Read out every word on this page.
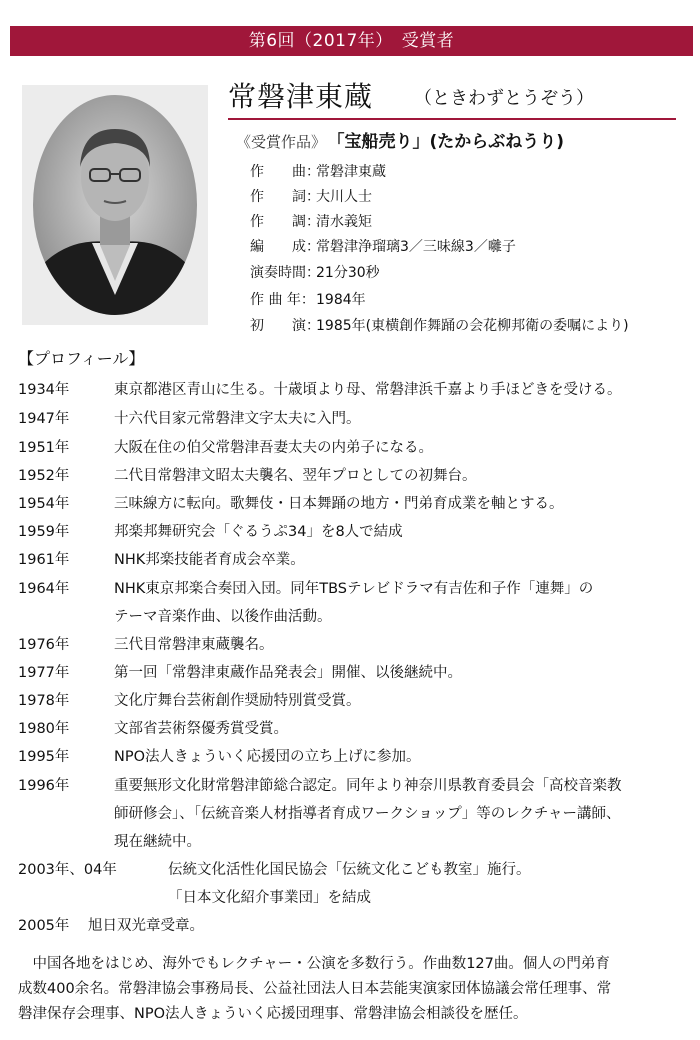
第6回（2017年）　受賞者
常磐津東蔵 （ときわずとうぞう）
《受賞作品》 「宝船売り」(たからぶねうり)
作　　曲：常磐津東蔵
作　　詞：大川人士
作　　調：清水義矩
編　　成：常磐津浄瑠璃3／三味線3／囃子
演奏時間：21分30秒
作 曲 年：1984年
初　　演：1985年(東横創作舞踊の会花柳邦衛の委嘱により)
【プロフィール】
1934年	東京都港区青山に生る。十歳頃より母、常磐津浜千嘉より手ほどきを受ける。
1947年	十六代目家元常磐津文字太夫に入門。
1951年	大阪在住の伯父常磐津吾妻太夫の内弟子になる。
1952年	二代目常磐津文昭太夫襲名、翌年プロとしての初舞台。
1954年	三味線方に転向。歌舞伎・日本舞踊の地方・門弟育成業を軸とする。
1959年	邦楽邦舞研究会「ぐるうぷ34」を8人で結成
1961年	NHK邦楽技能者育成会卒業。
1964年	NHK東京邦楽合奏団入団。同年TBSテレビドラマ有吉佐和子作「連舞」の
テーマ音楽作曲、以後作曲活動。
1976年	三代目常磐津東蔵襲名。
1977年	第一回「常磐津東蔵作品発表会」開催、以後継続中。
1978年	文化庁舞台芸術創作奨励特別賞受賞。
1980年	文部省芸術祭優秀賞受賞。
1995年	NPO法人きょういく応援団の立ち上げに参加。
1996年	重要無形文化財常磐津節総合認定。同年より神奈川県教育委員会「高校音楽教
師研修会」、「伝統音楽人材指導者育成ワークショップ」等のレクチャー講師、
現在継続中。
2003年、04年	伝統文化活性化国民協会「伝統文化こども教室」施行。
「日本文化紹介事業団」を結成
2005年 旭日双光章受章。
　中国各地をはじめ、海外でもレクチャー・公演を多数行う。作曲数127曲。個人の門弟育
成数400余名。常磐津協会事務局長、公益社団法人日本芸能実演家団体協議会常任理事、常
磐津保存会理事、NPO法人きょういく応援団理事、常磐津協会相談役を歴任。
